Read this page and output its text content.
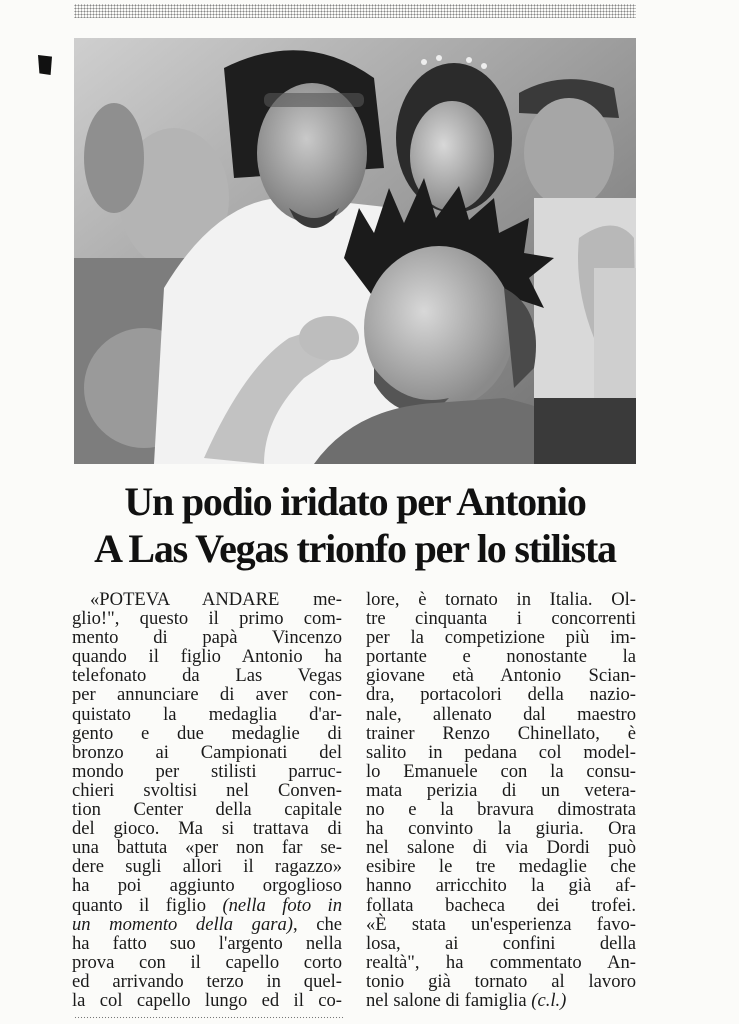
Un podio iridato per Antonio
A Las Vegas trionfo per lo stilista
«POTEVA ANDARE me-
glio!", questo il primo com-
mento di papà Vincenzo
quando il figlio Antonio ha
telefonato da Las Vegas
per annunciare di aver con-
quistato la medaglia d'ar-
gento e due medaglie di
bronzo ai Campionati del
mondo per stilisti parruc-
chieri svoltisi nel Conven-
tion Center della capitale
del gioco. Ma si trattava di
una battuta «per non far se-
dere sugli allori il ragazzo»
ha poi aggiunto orgoglioso
quanto il figlio (nella foto in
un momento della gara), che
ha fatto suo l'argento nella
prova con il capello corto
ed arrivando terzo in quel-
la col capello lungo ed il co-
lore, è tornato in Italia. Ol-
tre cinquanta i concorrenti
per la competizione più im-
portante e nonostante la
giovane età Antonio Scian-
dra, portacolori della nazio-
nale, allenato dal maestro
trainer Renzo Chinellato, è
salito in pedana col model-
lo Emanuele con la consu-
mata perizia di un vetera-
no e la bravura dimostrata
ha convinto la giuria. Ora
nel salone di via Dordi può
esibire le tre medaglie che
hanno arricchito la già af-
follata bacheca dei trofei.
«È stata un'esperienza favo-
losa, ai confini della
realtà", ha commentato An-
tonio già tornato al lavoro
nel salone di famiglia (c.l.)
